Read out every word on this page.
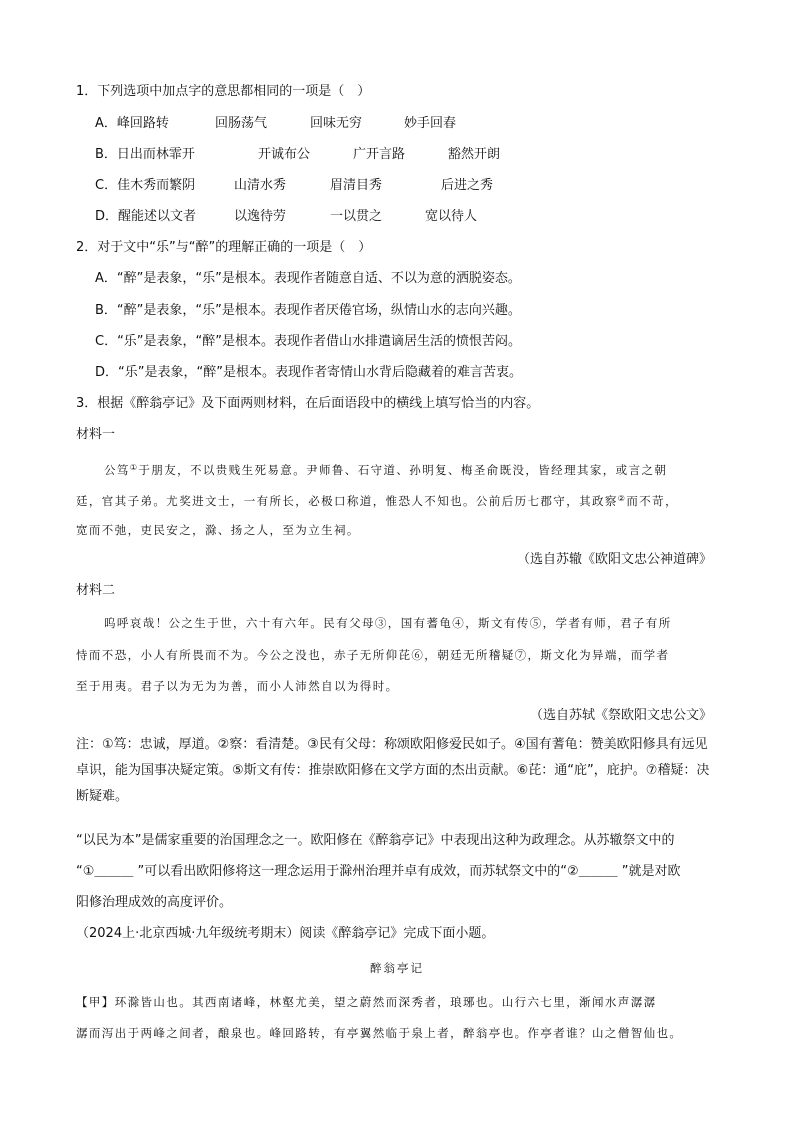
1．下列选项中加点字的意思都相同的一项是（　）
A．峰回路转	回肠荡气	回味无穷	妙手回春
B．日出而林霏开	开诚布公	广开言路	豁然开朗
C．佳木秀而繁阴	山清水秀	眉清目秀	后进之秀
D．醒能述以文者	以逸待劳	一以贯之	宽以待人
2．对于文中“乐”与“醉”的理解正确的一项是（　）
A．“醉”是表象，“乐”是根本。表现作者随意自适、不以为意的洒脱姿态。
B．“醉”是表象，“乐”是根本。表现作者厌倦官场，纵情山水的志向兴趣。
C．“乐”是表象，“醉”是根本。表现作者借山水排遣谪居生活的愤恨苦闷。
D．“乐”是表象，“醉”是根本。表现作者寄情山水背后隐藏着的难言苦衷。
3．根据《醉翁亭记》及下面两则材料，在后面语段中的横线上填写恰当的内容。
材料一
公笃①于朋友，不以贵贱生死易意。尹师鲁、石守道、孙明复、梅圣俞既没，皆经理其家，或言之朝
廷，官其子弟。尤奖进文士，一有所长，必极口称道，惟恐人不知也。公前后历七郡守，其政察②而不苛，
宽而不弛，吏民安之，滁、扬之人，至为立生祠。
（选自苏辙《欧阳文忠公神道碑》
材料二
呜呼哀哉！公之生于世，六十有六年。民有父母③，国有蓍龟④，斯文有传⑤，学者有师，君子有所
恃而不恐，小人有所畏而不为。今公之没也，赤子无所仰芘⑥，朝廷无所稽疑⑦，斯文化为异端，而学者
至于用夷。君子以为无为为善，而小人沛然自以为得时。
（选自苏轼《祭欧阳文忠公文》
注：①笃：忠诚，厚道。②察：看清楚。③民有父母：称颂欧阳修爱民如子。④国有蓍龟：赞美欧阳修具有远见卓识，能为国事决疑定策。⑤斯文有传：推崇欧阳修在文学方面的杰出贡献。⑥芘：通“庇”，庇护。⑦稽疑：决断疑难。
“以民为本”是儒家重要的治国理念之一。欧阳修在《醉翁亭记》中表现出这种为政理念。从苏辙祭文中的
“①＿＿＿ ”可以看出欧阳修将这一理念运用于滁州治理并卓有成效，而苏轼祭文中的“②＿＿＿ ”就是对欧
阳修治理成效的高度评价。
（2024上·北京西城·九年级统考期末）阅读《醉翁亭记》完成下面小题。
醉翁亭记
【甲】环滁皆山也。其西南诸峰，林壑尤美，望之蔚然而深秀者，琅琊也。山行六七里，渐闻水声潺潺
潺而泻出于两峰之间者，酿泉也。峰回路转，有亭翼然临于泉上者，醉翁亭也。作亭者谁？山之僧智仙也。
